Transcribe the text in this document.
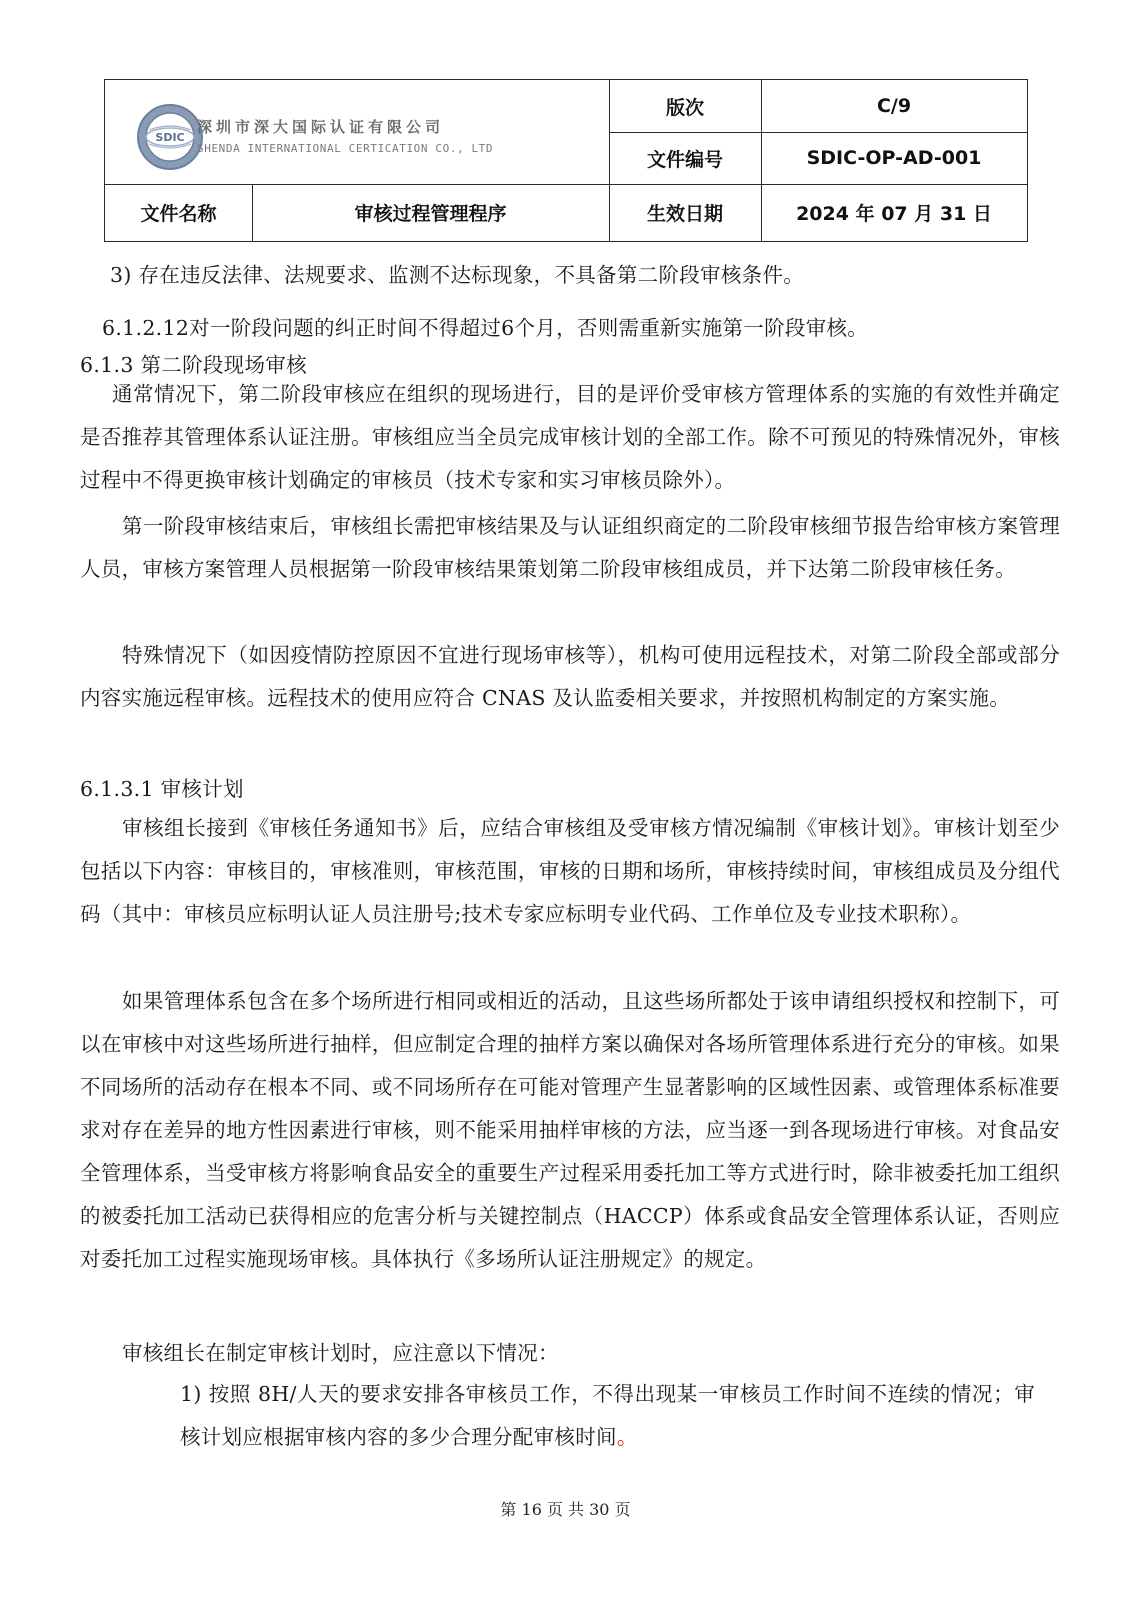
SDIC
深圳市深大国际认证有限公司
SHENDA INTERNATIONAL CERTICATION CO., LTD
版次	C/9
文件编号	SDIC-OP-AD-001
文件名称	审核过程管理程序	生效日期	2024 年 07 月 31 日

3) 存在违反法律、法规要求、监测不达标现象，不具备第二阶段审核条件。

6.1.2.12对一阶段问题的纠正时间不得超过6个月，否则需重新实施第一阶段审核。

6.1.3 第二阶段现场审核

通常情况下，第二阶段审核应在组织的现场进行，目的是评价受审核方管理体系的实施的有效性并确定是否推荐其管理体系认证注册。审核组应当全员完成审核计划的全部工作。除不可预见的特殊情况外，审核过程中不得更换审核计划确定的审核员（技术专家和实习审核员除外）。

第一阶段审核结束后，审核组长需把审核结果及与认证组织商定的二阶段审核细节报告给审核方案管理人员，审核方案管理人员根据第一阶段审核结果策划第二阶段审核组成员，并下达第二阶段审核任务。

特殊情况下（如因疫情防控原因不宜进行现场审核等），机构可使用远程技术，对第二阶段全部或部分内容实施远程审核。远程技术的使用应符合 CNAS 及认监委相关要求，并按照机构制定的方案实施。

6.1.3.1 审核计划

审核组长接到《审核任务通知书》后，应结合审核组及受审核方情况编制《审核计划》。审核计划至少包括以下内容：审核目的，审核准则，审核范围，审核的日期和场所，审核持续时间，审核组成员及分组代码（其中：审核员应标明认证人员注册号;技术专家应标明专业代码、工作单位及专业技术职称）。

如果管理体系包含在多个场所进行相同或相近的活动，且这些场所都处于该申请组织授权和控制下，可以在审核中对这些场所进行抽样，但应制定合理的抽样方案以确保对各场所管理体系进行充分的审核。如果不同场所的活动存在根本不同、或不同场所存在可能对管理产生显著影响的区域性因素、或管理体系标准要求对存在差异的地方性因素进行审核，则不能采用抽样审核的方法，应当逐一到各现场进行审核。对食品安全管理体系，当受审核方将影响食品安全的重要生产过程采用委托加工等方式进行时，除非被委托加工组织的被委托加工活动已获得相应的危害分析与关键控制点（HACCP）体系或食品安全管理体系认证，否则应对委托加工过程实施现场审核。具体执行《多场所认证注册规定》的规定。

审核组长在制定审核计划时，应注意以下情况：

1) 按照 8H/人天的要求安排各审核员工作，不得出现某一审核员工作时间不连续的情况；审核计划应根据审核内容的多少合理分配审核时间。

第 16 页 共 30 页
